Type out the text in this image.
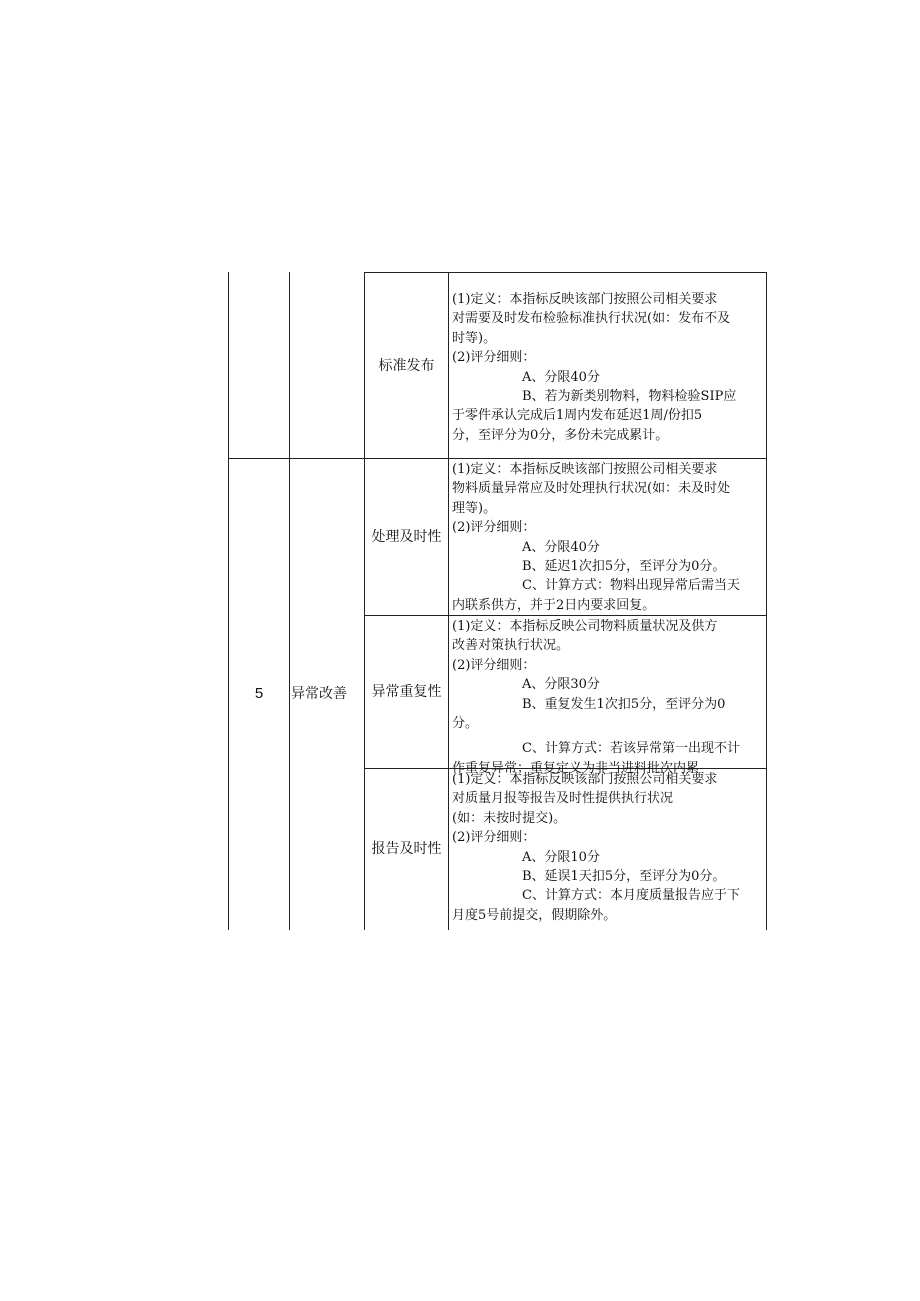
5	异常改善
标准发布
处理及时性
异常重复性
报告及时性
(1)定义：本指标反映该部门按照公司相关要求
对需要及时发布检验标准执行状况(如：发布不及
时等)。
(2)评分细则：
A、分限40分
B、若为新类别物料，物料检验SIP应
于零件承认完成后1周内发布延迟1周/份扣5
分，至评分为0分，多份未完成累计。
(1)定义：本指标反映该部门按照公司相关要求
物料质量异常应及时处理执行状况(如：未及时处
理等)。
(2)评分细则：
A、分限40分
B、延迟1次扣5分，至评分为0分。
C、计算方式：物料出现异常后需当天
内联系供方，并于2日内要求回复。
(1)定义：本指标反映公司物料质量状况及供方
改善对策执行状况。
(2)评分细则：
A、分限30分
B、重复发生1次扣5分，至评分为0
分。
C、计算方式：若该异常第一出现不计
作重复异常；重复定义为非当进料批次内累
(1)定义：本指标反映该部门按照公司相关要求
对质量月报等报告及时性提供执行状况
(如：未按时提交)。
(2)评分细则：
A、分限10分
B、延误1天扣5分，至评分为0分。
C、计算方式：本月度质量报告应于下
月度5号前提交，假期除外。
